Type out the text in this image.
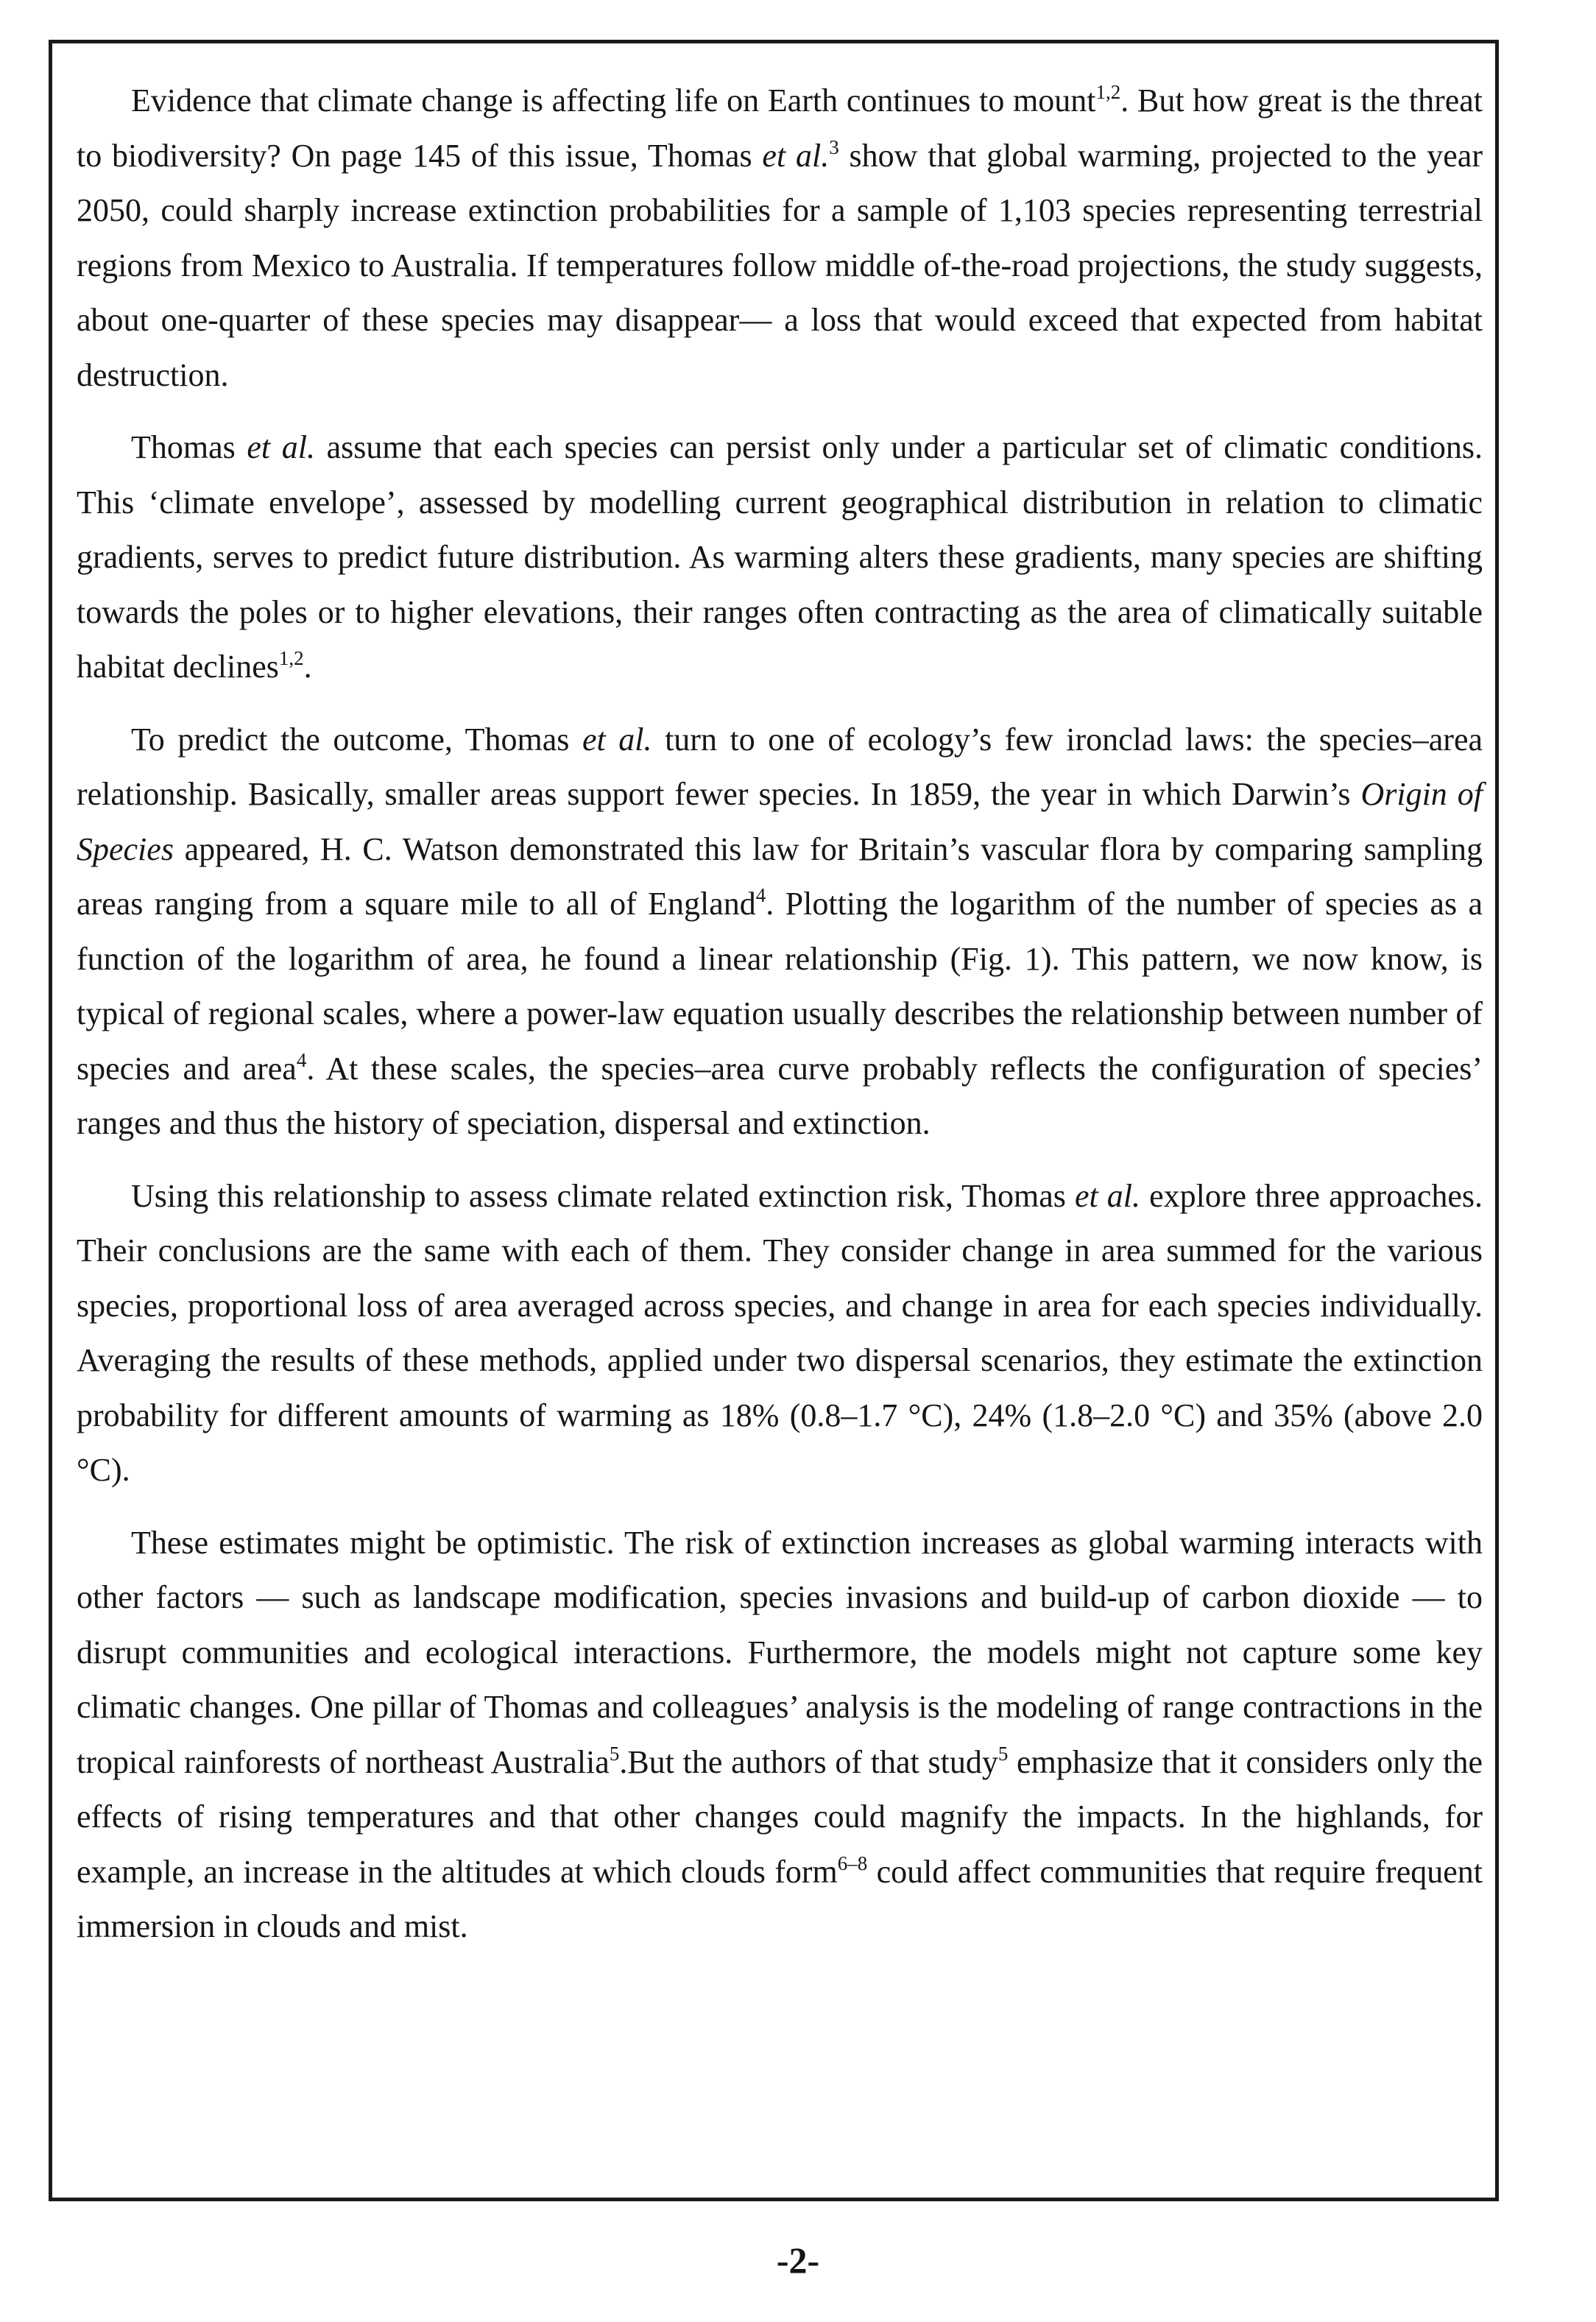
Evidence that climate change is affecting life on Earth continues to mount$^{1,2}$. But how great is the threat to biodiversity? On page 145 of this issue, Thomas et al.$^3$ show that global warming, projected to the year 2050, could sharply increase extinction probabilities for a sample of 1,103 species representing terrestrial regions from Mexico to Australia. If temperatures follow middle of-the-road projections, the study suggests, about one-quarter of these species may disappear— a loss that would exceed that expected from habitat destruction.

Thomas et al. assume that each species can persist only under a particular set of climatic conditions. This ‘climate envelope’, assessed by modelling current geographical distribution in relation to climatic gradients, serves to predict future distribution. As warming alters these gradients, many species are shifting towards the poles or to higher elevations, their ranges often contracting as the area of climatically suitable habitat declines$^{1,2}$.

To predict the outcome, Thomas et al. turn to one of ecology’s few ironclad laws: the species–area relationship. Basically, smaller areas support fewer species. In 1859, the year in which Darwin’s Origin of Species appeared, H. C. Watson demonstrated this law for Britain’s vascular flora by comparing sampling areas ranging from a square mile to all of England$^4$. Plotting the logarithm of the number of species as a function of the logarithm of area, he found a linear relationship (Fig. 1). This pattern, we now know, is typical of regional scales, where a power-law equation usually describes the relationship between number of species and area$^4$. At these scales, the species–area curve probably reflects the configuration of species’ ranges and thus the history of speciation, dispersal and extinction.

Using this relationship to assess climate related extinction risk, Thomas et al. explore three approaches. Their conclusions are the same with each of them. They consider change in area summed for the various species, proportional loss of area averaged across species, and change in area for each species individually. Averaging the results of these methods, applied under two dispersal scenarios, they estimate the extinction probability for different amounts of warming as 18% (0.8–1.7 °C), 24% (1.8–2.0 °C) and 35% (above 2.0 °C).

These estimates might be optimistic. The risk of extinction increases as global warming interacts with other factors — such as landscape modification, species invasions and build-up of carbon dioxide — to disrupt communities and ecological interactions. Furthermore, the models might not capture some key climatic changes. One pillar of Thomas and colleagues’ analysis is the modeling of range contractions in the tropical rainforests of northeast Australia$^5$.But the authors of that study$^5$ emphasize that it considers only the effects of rising temperatures and that other changes could magnify the impacts. In the highlands, for example, an increase in the altitudes at which clouds form$^{6-8}$ could affect communities that require frequent immersion in clouds and mist.

-2-
